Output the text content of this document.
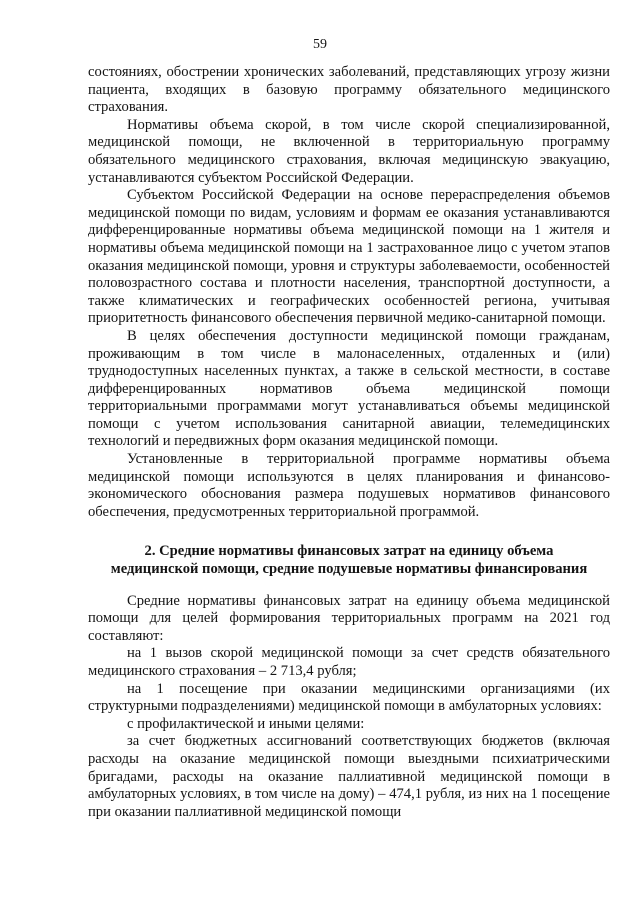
59

состояниях, обострении хронических заболеваний, представляющих угрозу жизни пациента, входящих в базовую программу обязательного медицинского страхования.

Нормативы объема скорой, в том числе скорой специализированной, медицинской помощи, не включенной в территориальную программу обязательного медицинского страхования, включая медицинскую эвакуацию, устанавливаются субъектом Российской Федерации.

Субъектом Российской Федерации на основе перераспределения объемов медицинской помощи по видам, условиям и формам ее оказания устанавливаются дифференцированные нормативы объема медицинской помощи на 1 жителя и нормативы объема медицинской помощи на 1 застрахованное лицо с учетом этапов оказания медицинской помощи, уровня и структуры заболеваемости, особенностей половозрастного состава и плотности населения, транспортной доступности, а также климатических и географических особенностей региона, учитывая приоритетность финансового обеспечения первичной медико-санитарной помощи.

В целях обеспечения доступности медицинской помощи гражданам, проживающим в том числе в малонаселенных, отдаленных и (или) труднодоступных населенных пунктах, а также в сельской местности, в составе дифференцированных нормативов объема медицинской помощи территориальными программами могут устанавливаться объемы медицинской помощи с учетом использования санитарной авиации, телемедицинских технологий и передвижных форм оказания медицинской помощи.

Установленные в территориальной программе нормативы объема медицинской помощи используются в целях планирования и финансово-экономического обоснования размера подушевых нормативов финансового обеспечения, предусмотренных территориальной программой.

2. Средние нормативы финансовых затрат на единицу объема
медицинской помощи, средние подушевые нормативы финансирования

Средние нормативы финансовых затрат на единицу объема медицинской помощи для целей формирования территориальных программ на 2021 год составляют:

на 1 вызов скорой медицинской помощи за счет средств обязательного медицинского страхования – 2 713,4 рубля;

на 1 посещение при оказании медицинскими организациями (их структурными подразделениями) медицинской помощи в амбулаторных условиях:

с профилактической и иными целями:

за счет бюджетных ассигнований соответствующих бюджетов (включая расходы на оказание медицинской помощи выездными психиатрическими бригадами, расходы на оказание паллиативной медицинской помощи в амбулаторных условиях, в том числе на дому) – 474,1 рубля, из них на 1 посещение при оказании паллиативной медицинской помощи
